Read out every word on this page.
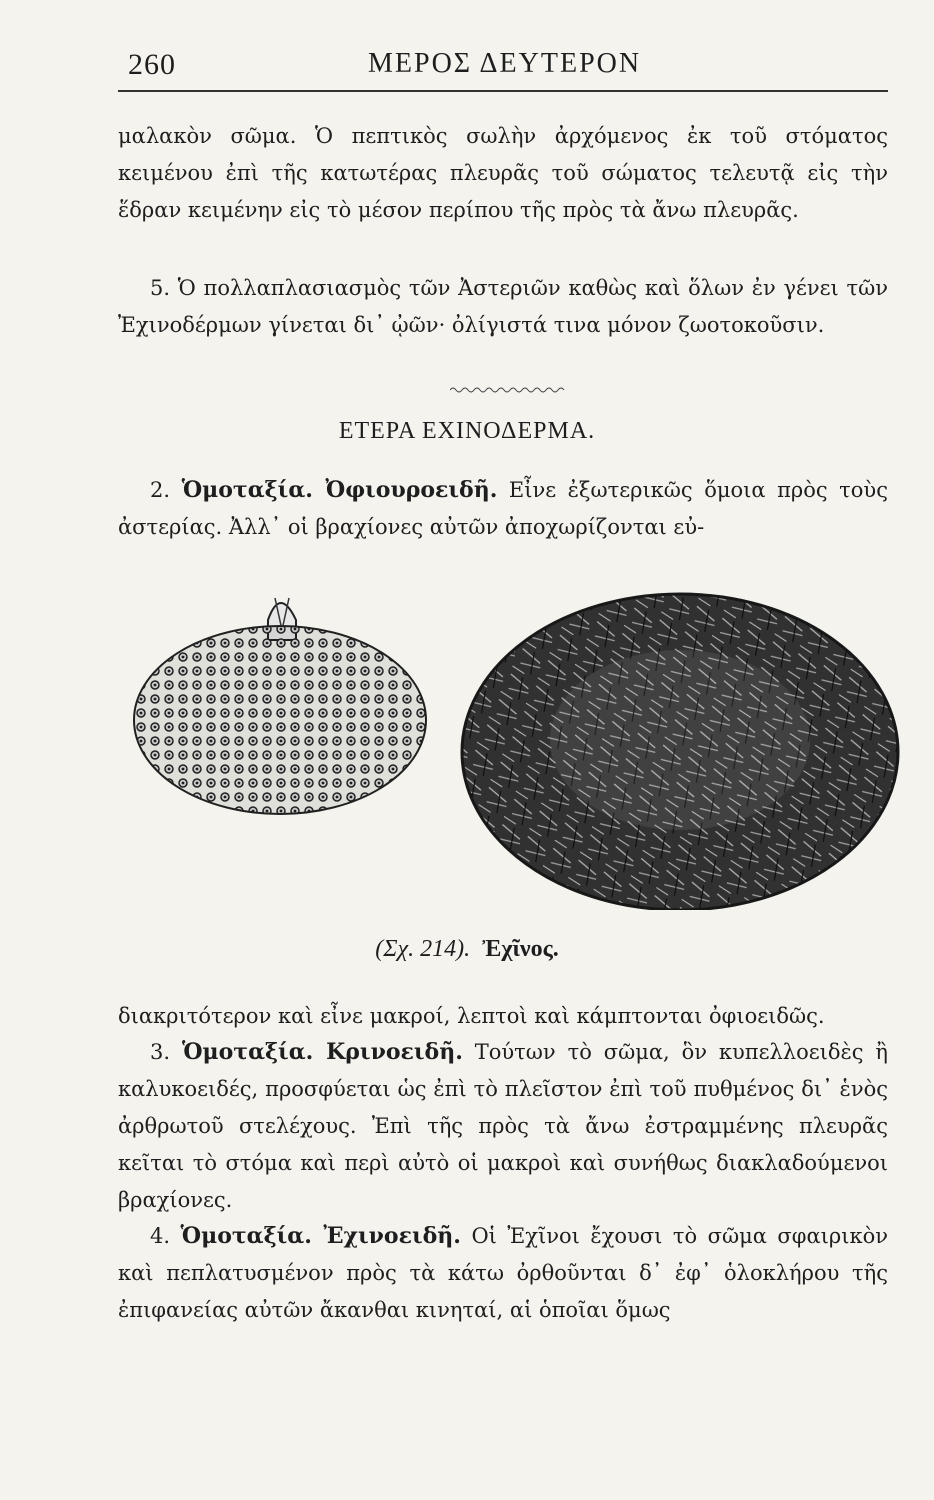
260	ΜΕΡΟΣ ΔΕΥΤΕΡΟΝ
μαλακὸν σῶμα. Ὁ πεπτικὸς σωλὴν ἀρχόμενος ἐκ τοῦ στόματος κειμένου ἐπὶ τῆς κατωτέρας πλευρᾶς τοῦ σώματος τελευτᾷ εἰς τὴν ἕδραν κειμένην εἰς τὸ μέσον περίπου τῆς πρὸς τὰ ἄνω πλευρᾶς.
5. Ὁ πολλαπλασιασμὸς τῶν Ἀστεριῶν καθὼς καὶ ὅλων ἐν γένει τῶν Ἐχινοδέρμων γίνεται δι᾽ ᾠῶν· ὀλίγιστά τινα μόνον ζωοτοκοῦσιν.
ΕΤΕΡΑ ΕΧΙΝΟΔΕΡΜΑ.
2. Ὁμοταξία. Ὀφιουροειδῆ. Εἶνε ἐξωτερικῶς ὅμοια πρὸς τοὺς ἀστερίας. Ἀλλ᾽ οἱ βραχίονες αὐτῶν ἀποχωρίζονται εὐ-
(Σχ. 214). Ἐχῖνος.
διακριτότερον καὶ εἶνε μακροί, λεπτοὶ καὶ κάμπτονται ὀφιοειδῶς.
3. Ὁμοταξία. Κρινοειδῆ. Τούτων τὸ σῶμα, ὃν κυπελλοειδὲς ἢ καλυκοειδές, προσφύεται ὡς ἐπὶ τὸ πλεῖστον ἐπὶ τοῦ πυθμένος δι᾽ ἑνὸς ἀρθρωτοῦ στελέχους. Ἐπὶ τῆς πρὸς τὰ ἄνω ἐστραμμένης πλευρᾶς κεῖται τὸ στόμα καὶ περὶ αὐτὸ οἱ μακροὶ καὶ συνήθως διακλαδούμενοι βραχίονες.
4. Ὁμοταξία. Ἐχινοειδῆ. Οἱ Ἐχῖνοι ἔχουσι τὸ σῶμα σφαιρικὸν καὶ πεπλατυσμένον πρὸς τὰ κάτω ὀρθοῦνται δ᾽ ἐφ᾽ ὁλοκλήρου τῆς ἐπιφανείας αὐτῶν ἄκανθαι κινηταί, αἱ ὁποῖαι ὅμως
